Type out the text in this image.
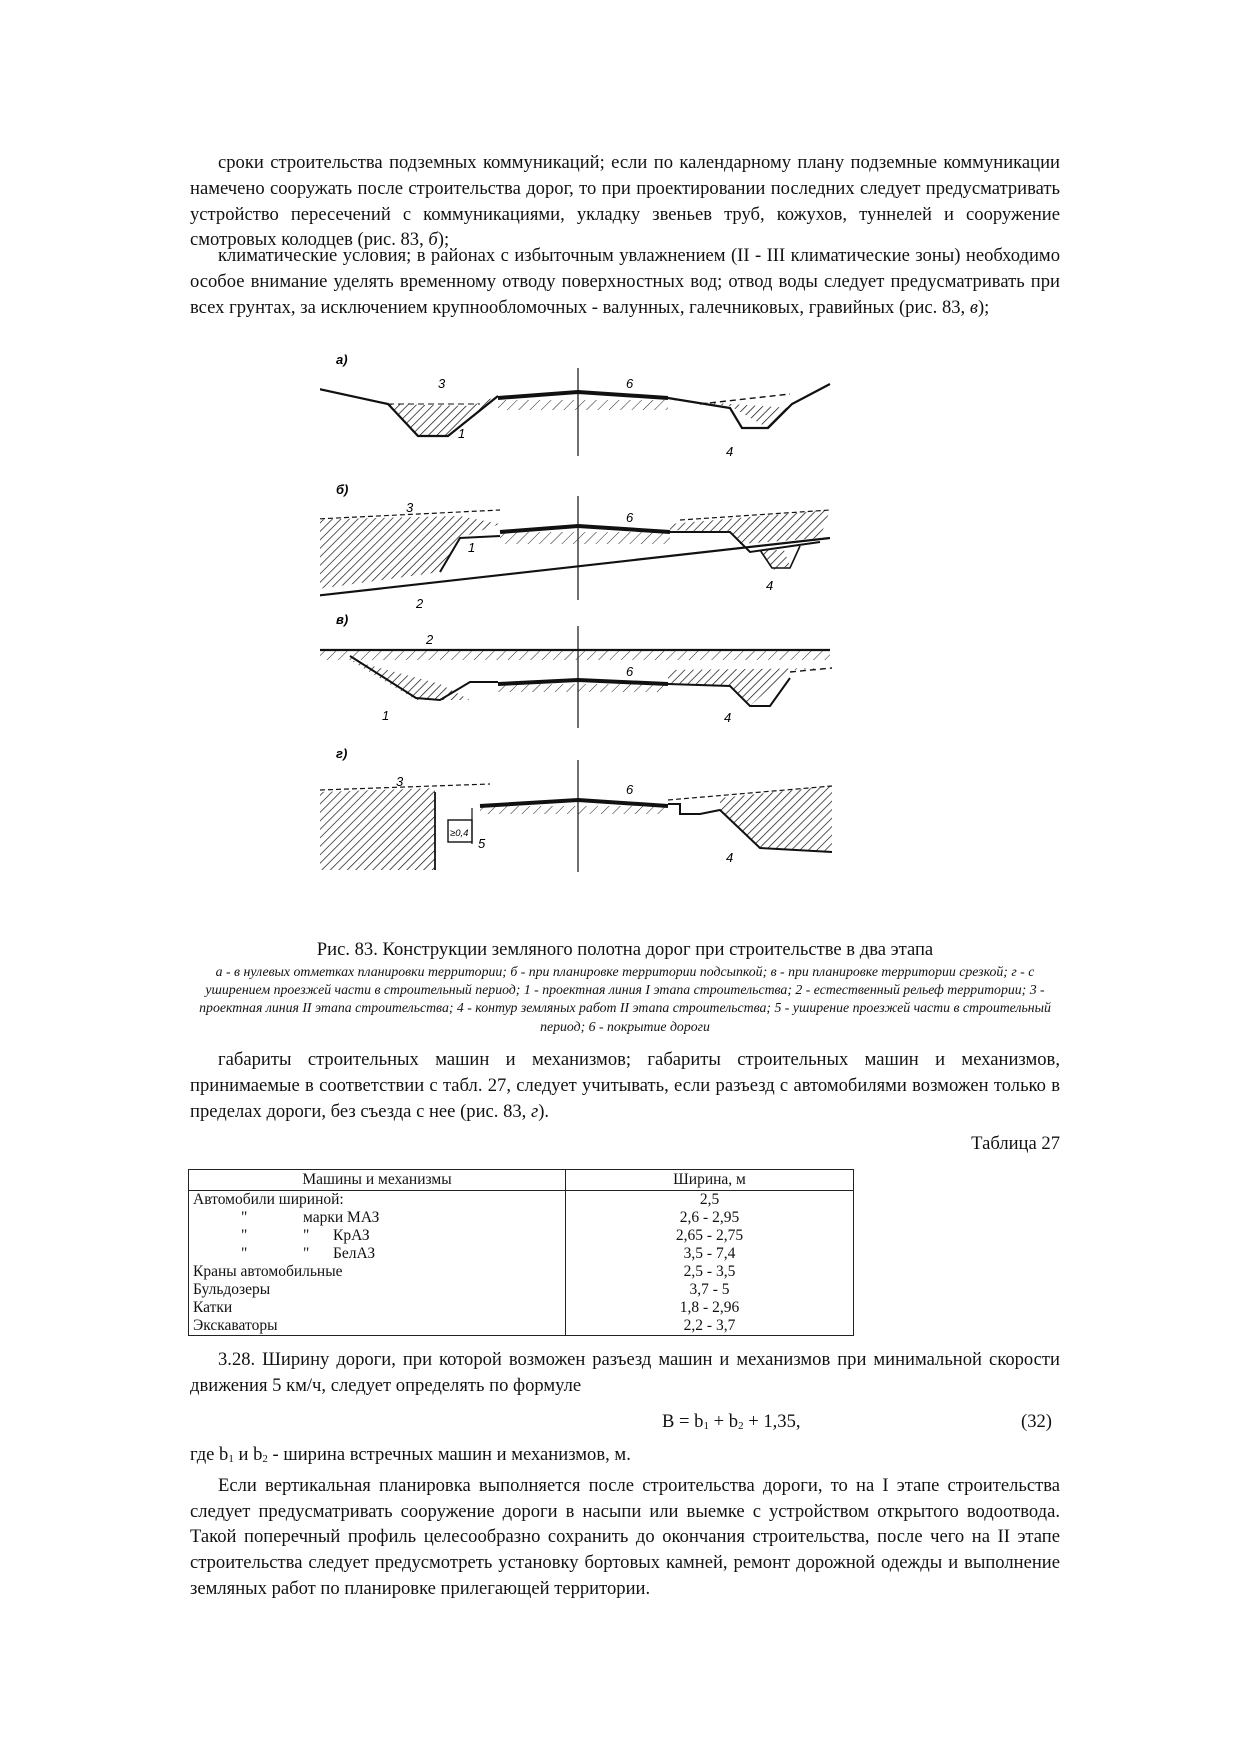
сроки строительства подземных коммуникаций; если по календарному плану подземные коммуникации намечено сооружать после строительства дорог, то при проектировании последних следует предусматривать устройство пересечений с коммуникациями, укладку звеньев труб, кожухов, туннелей и сооружение смотровых колодцев (рис. 83, б);

климатические условия; в районах с избыточным увлажнением (II - III климатические зоны) необходимо особое внимание уделять временному отводу поверхностных вод; отвод воды следует предусматривать при всех грунтах, за исключением крупнообломочных - валунных, галечниковых, гравийных (рис. 83, в);

а)
3	6
1
4
б)
3
6
1
2
4
в)
2
6
1	4
г)
≥0,4
3
6
5
4
Рис. 83. Конструкции земляного полотна дорог при строительстве в два этапа
а - в нулевых отметках планировки территории; б - при планировке территории подсыпкой; в - при планировке территории срезкой; г - с уширением проезжей части в строительный период; 1 - проектная линия I этапа строительства; 2 - естественный рельеф территории; 3 - проектная линия II этапа строительства; 4 - контур земляных работ II этапа строительства; 5 - уширение проезжей части в строительный период; 6 - покрытие дороги

габариты строительных машин и механизмов; габариты строительных машин и механизмов, принимаемые в соответствии с табл. 27, следует учитывать, если разъезд с автомобилями возможен только в пределах дороги, без съезда с нее (рис. 83, г).

Таблица 27
Машины и механизмы	Ширина, м
Автомобили шириной:	2,5
" марки МАЗ	2,6 - 2,95
" " КрАЗ	2,65 - 2,75
" " БелАЗ	3,5 - 7,4
Краны автомобильные	2,5 - 3,5
Бульдозеры	3,7 - 5
Катки	1,8 - 2,96
Экскаваторы	2,2 - 3,7

3.28. Ширину дороги, при которой возможен разъезд машин и механизмов при минимальной скорости движения 5 км/ч, следует определять по формуле

$B = b_1 + b_2 + 1,35$,	(32)

где $b_1$ и $b_2$ - ширина встречных машин и механизмов, м.

Если вертикальная планировка выполняется после строительства дороги, то на I этапе строительства следует предусматривать сооружение дороги в насыпи или выемке с устройством открытого водоотвода. Такой поперечный профиль целесообразно сохранить до окончания строительства, после чего на II этапе строительства следует предусмотреть установку бортовых камней, ремонт дорожной одежды и выполнение земляных работ по планировке прилегающей территории.
